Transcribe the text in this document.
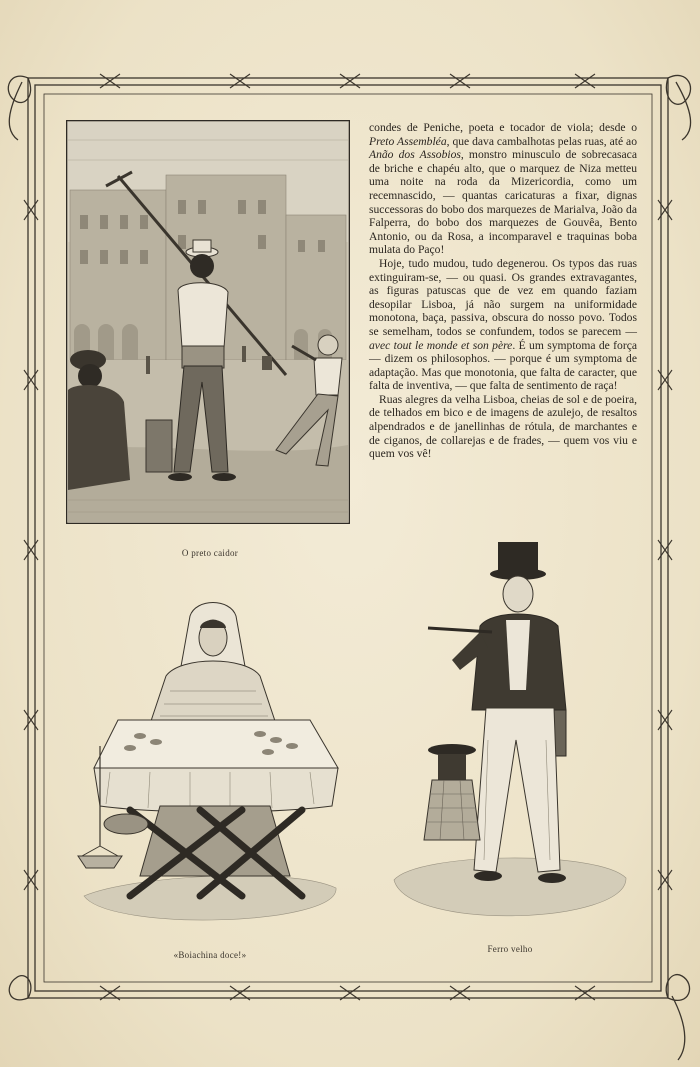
O preto caidor

condes de Peniche, poeta e tocador de viola; desde o Preto Assembléa, que dava cambalhotas pelas ruas, até ao Anão dos Assobios, monstro minusculo de sobrecasaca de briche e chapéu alto, que o marquez de Niza metteu uma noite na roda da Mizericordia, como um recemnascido, — quantas caricaturas a fixar, dignas successoras do bobo dos marquezes de Marialva, João da Falperra, do bobo dos marquezes de Gouvêa, Bento Antonio, ou da Rosa, a incomparavel e traquinas boba mulata do Paço!

Hoje, tudo mudou, tudo degenerou. Os typos das ruas extinguiram-se, — ou quasi. Os grandes extravagantes, as figuras patuscas que de vez em quando faziam desopilar Lisboa, já não surgem na uniformidade monotona, baça, passiva, obscura do nosso povo. Todos se semelham, todos se confundem, todos se parecem — avec tout le monde et son père. É um symptoma de força — dizem os philosophos. — porque é um symptoma de adaptação. Mas que monotonia, que falta de caracter, que falta de inventiva, — que falta de sentimento de raça!

Ruas alegres da velha Lisboa, cheias de sol e de poeira, de telhados em bico e de imagens de azulejo, de resaltos alpendrados e de janellinhas de rótula, de marchantes e de ciganos, de collarejas e de frades, — quem vos viu e quem vos vê!

«Boiachina doce!»
Ferro velho
